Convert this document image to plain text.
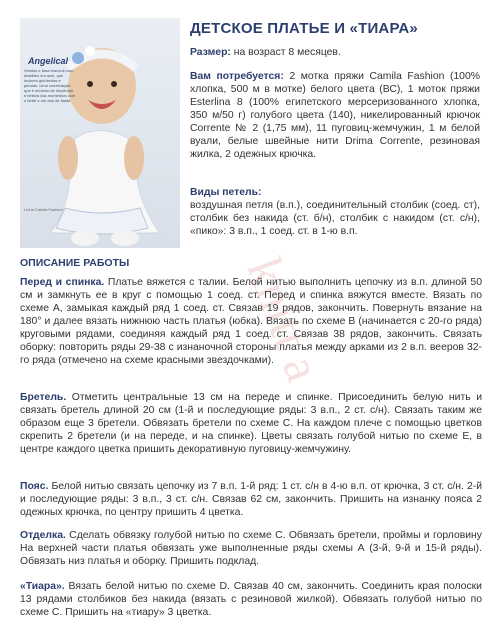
Angelical
Vestido e tiara brancos com detalhes em azul, que incluem guirlandas e pérolas. Uma combinação que é símbolo de inocência e beleza dos momentos com o bebê e um ano de idade.
Linha Camila Fashion
knitt a
ДЕТСКОЕ ПЛАТЬЕ И «ТИАРА»
Размер: на возраст 8 месяцев.
Вам потребуется: 2 мотка пряжи Camila Fashion (100% хлопка, 500 м в мотке) белого цвета (ВС), 1 моток пряжи Esterlina 8 (100% египетского мерсеризованного хлопка, 350 м/50 г) голубого цвета (140), никелированный крючок Corrente № 2 (1,75 мм), 11 пуговиц-жемчужин, 1 м белой вуали, белые швейные нити Drima Corrente, резиновая жилка, 2 одежных крючка.
Виды петель:
воздушная петля (в.п.), соединительный столбик (соед. ст), столбик без накида (ст. б/н), столбик с накидом (ст. с/н), «пико»: 3 в.п., 1 соед. ст. в 1-ю в.п.
ОПИСАНИЕ РАБОТЫ
Перед и спинка. Платье вяжется с талии. Белой нитью выполнить цепочку из в.п. длиной 50 см и замкнуть ее в круг с помощью 1 соед. ст. Перед и спинка вяжутся вместе. Вязать по схеме А, замыкая каждый ряд 1 соед. ст. Связав 19 рядов, закончить. Повернуть вязание на 180° и далее вязать нижнюю часть платья (юбка). Вязать по схеме В (начинается с 20-го ряда) круговыми рядами, соединяя каждый ряд 1 соед. ст. Связав 38 рядов, закончить. Связать оборку: повторить ряды 29-38 с изнаночной стороны платья между арками из 2 в.п. вееров 32-го ряда (отмечено на схеме красными звездочками).
Бретель. Отметить центральные 13 см на переде и спинке. Присоединить белую нить и связать бретель длиной 20 см (1-й и последующие ряды: 3 в.п., 2 ст. с/н). Связать таким же образом еще 3 бретели. Обвязать бретели по схеме С. На каждом плече с помощью цветков скрепить 2 бретели (и на переде, и на спинке). Цветы связать голубой нитью по схеме Е, в центре каждого цветка пришить декоративную пуговицу-жемчужину.
Пояс. Белой нитью связать цепочку из 7 в.п. 1-й ряд: 1 ст. с/н в 4-ю в.п. от крючка, 3 ст. с/н. 2-й и последующие ряды: 3 в.п., 3 ст. с/н. Связав 62 см, закончить. Пришить на изнанку пояса 2 одежных крючка, по центру пришить 4 цветка.
Отделка. Сделать обвязку голубой нитью по схеме С. Обвязать бретели, проймы и горловину На верхней части платья обвязать уже выполненные ряды схемы А (3-й, 9-й и 15-й ряды). Обвязать низ платья и оборку. Пришить подклад.
«Тиара». Вязать белой нитью по схеме D. Связав 40 см, закончить. Соединить края полоски 13 рядами столбиков без накида (вязать с резиновой жилкой). Обвязать голубой нитью по схеме С. Пришить на «тиару» 3 цветка.
